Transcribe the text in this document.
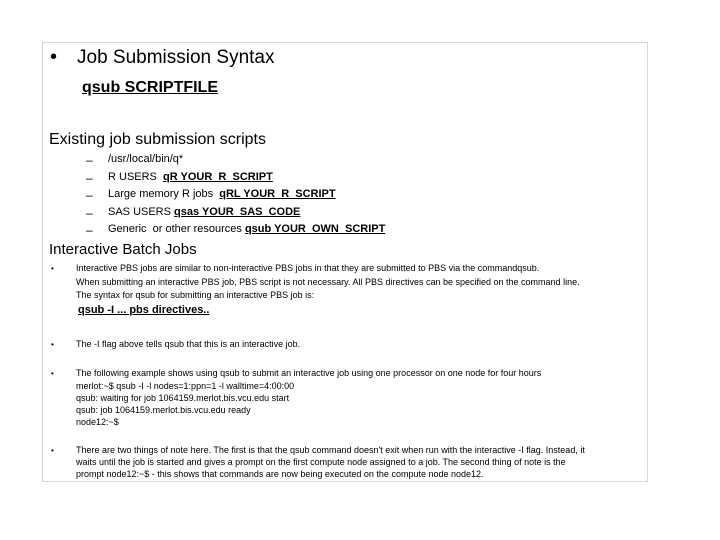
• Job Submission Syntax
qsub SCRIPTFILE
Existing job submission scripts
– /usr/local/bin/q*
– R USERS  qR YOUR_R_SCRIPT
– Large memory R jobs  qRL YOUR_R_SCRIPT
– SAS USERS qsas YOUR_SAS_CODE
– Generic  or other resources qsub YOUR_OWN_SCRIPT
Interactive Batch Jobs
• Interactive PBS jobs are similar to non-interactive PBS jobs in that they are submitted to PBS via the commandqsub.
When submitting an interactive PBS job, PBS script is not necessary. All PBS directives can be specified on the command line.
The syntax for qsub for submitting an interactive PBS job is:
qsub -I ... pbs directives..
• The -I flag above tells qsub that this is an interactive job.
• The following example shows using qsub to submit an interactive job using one processor on one node for four hours
merlot:~$ qsub -I -l nodes=1:ppn=1 -l walltime=4:00:00
qsub: waiting for job 1064159.merlot.bis.vcu.edu start
qsub: job 1064159.merlot.bis.vcu.edu ready
node12:~$
• There are two things of note here. The first is that the qsub command doesn't exit when run with the interactive -I flag. Instead, it
waits until the job is started and gives a prompt on the first compute node assigned to a job. The second thing of note is the
prompt node12:~$ - this shows that commands are now being executed on the compute node node12.
